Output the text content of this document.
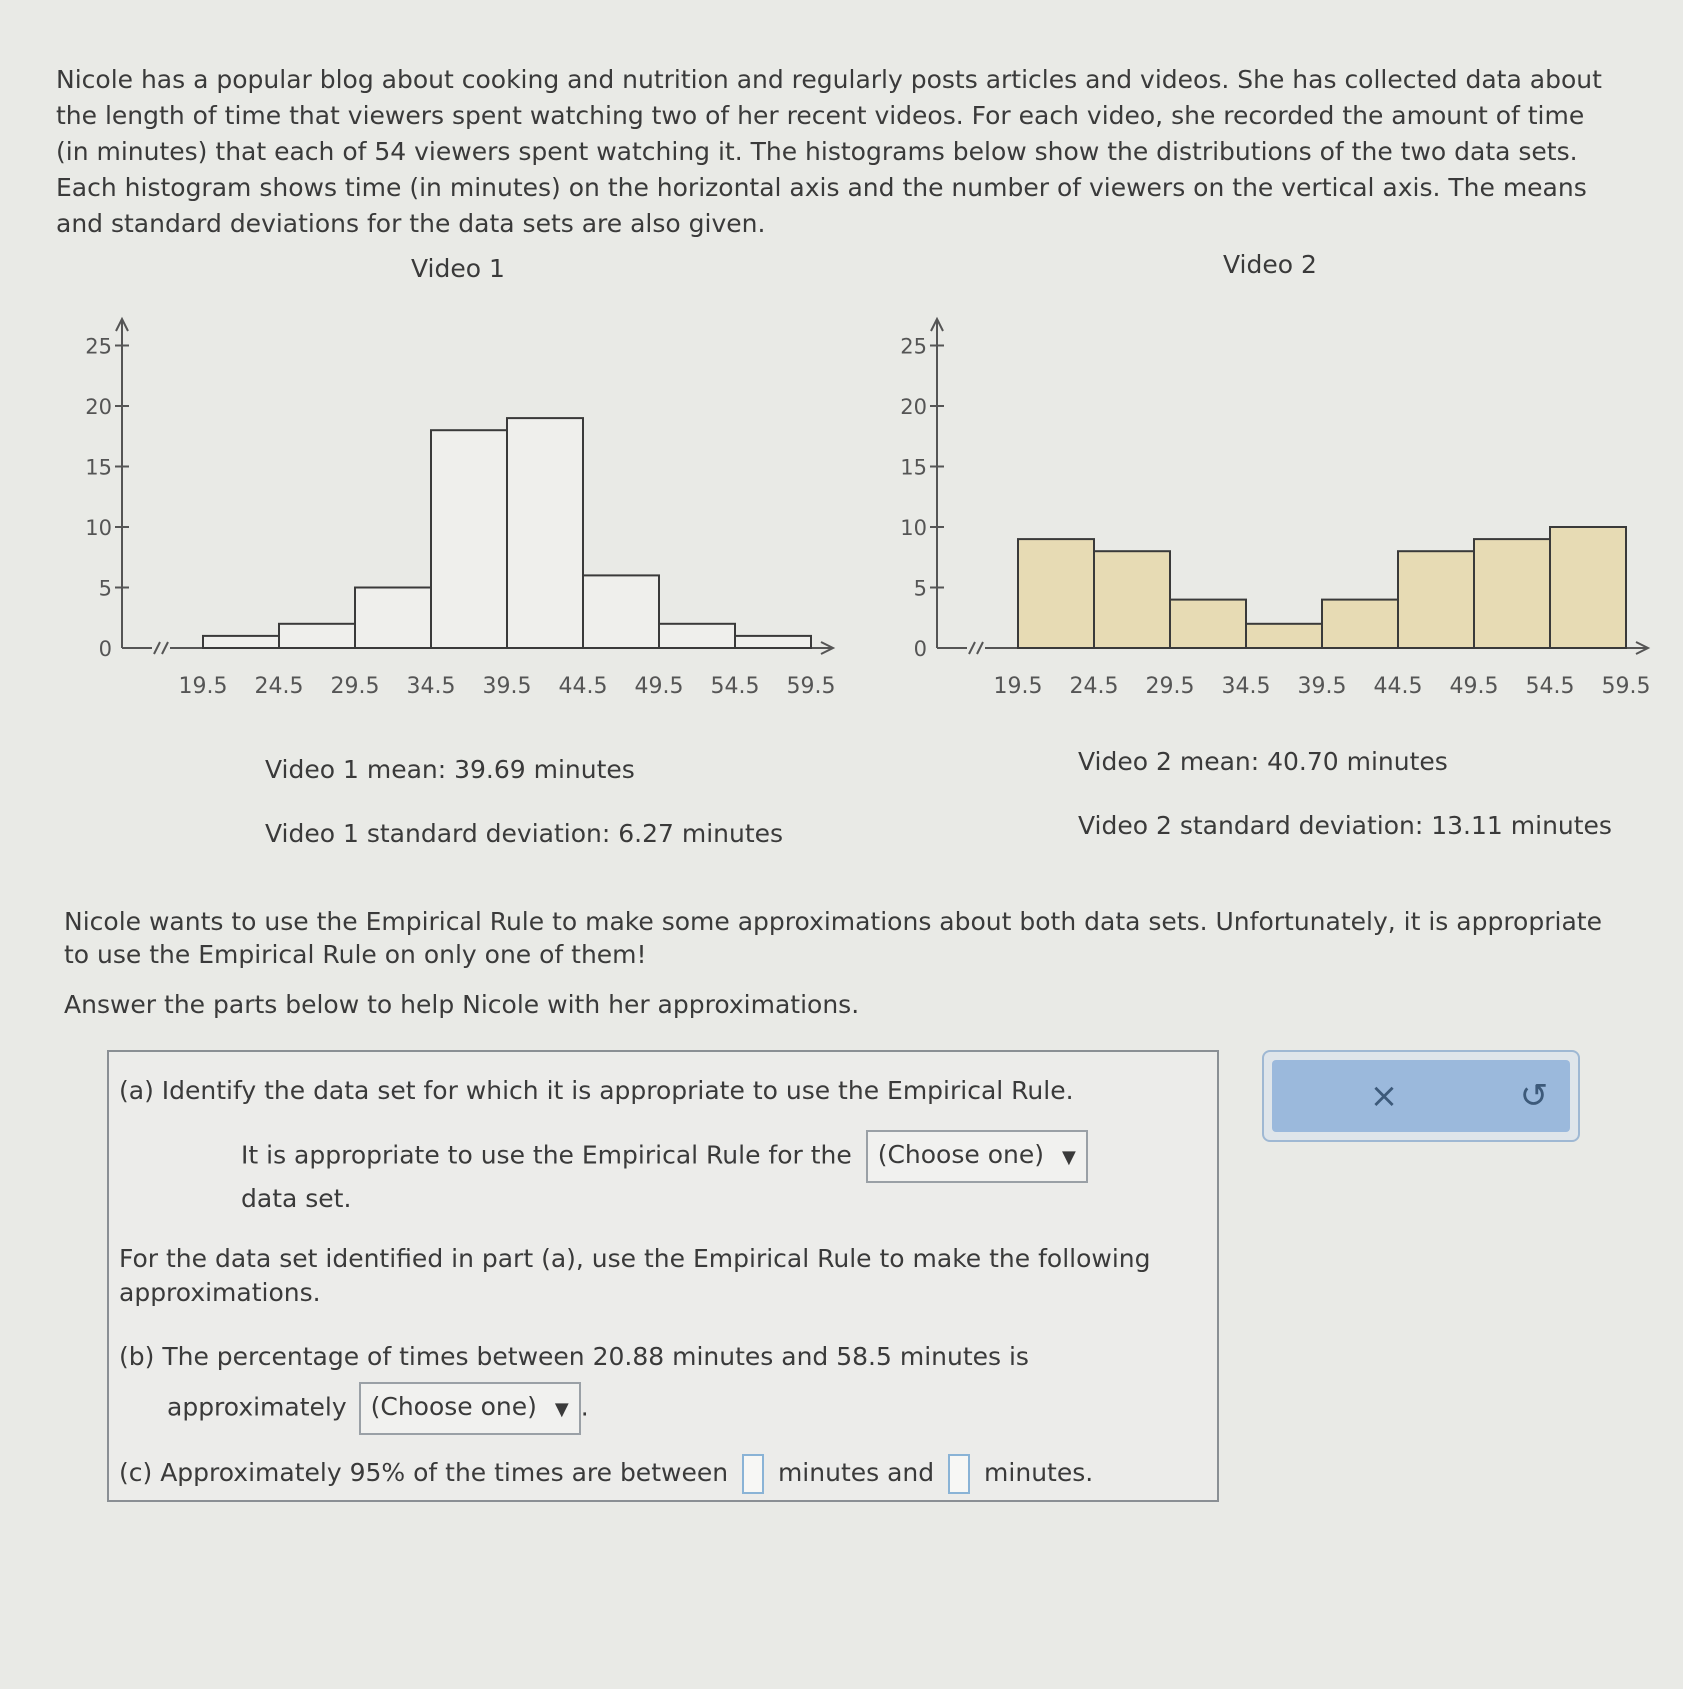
Nicole has a popular blog about cooking and nutrition and regularly posts articles and videos. She has collected data about the length of time that viewers spent watching two of her recent videos. For each video, she recorded the amount of time (in minutes) that each of 54 viewers spent watching it. The histograms below show the distributions of the two data sets. Each histogram shows time (in minutes) on the horizontal axis and the number of viewers on the vertical axis. The means and standard deviations for the data sets are also given.

Video 1	Video 2
0
5
10
15
20
25
19.5 24.5 29.5 34.5 39.5 44.5 49.5 54.5 59.5
0
5
10
15
20
25
19.5 24.5 29.5 34.5 39.5 44.5 49.5 54.5 59.5
Video 1 mean: 39.69 minutes
Video 1 standard deviation: 6.27 minutes
Video 2 mean: 40.70 minutes
Video 2 standard deviation: 13.11 minutes

Nicole wants to use the Empirical Rule to make some approximations about both data sets. Unfortunately, it is appropriate to use the Empirical Rule on only one of them!

Answer the parts below to help Nicole with her approximations.

(a) Identify the data set for which it is appropriate to use the Empirical Rule.

It is appropriate to use the Empirical Rule for the (Choose one) ▼

data set.

For the data set identified in part (a), use the Empirical Rule to make the following approximations.

(b) The percentage of times between 20.88 minutes and 58.5 minutes is

approximately (Choose one) ▼ .
(c) Approximately 95% of the times are between minutes and minutes.
×	↺
